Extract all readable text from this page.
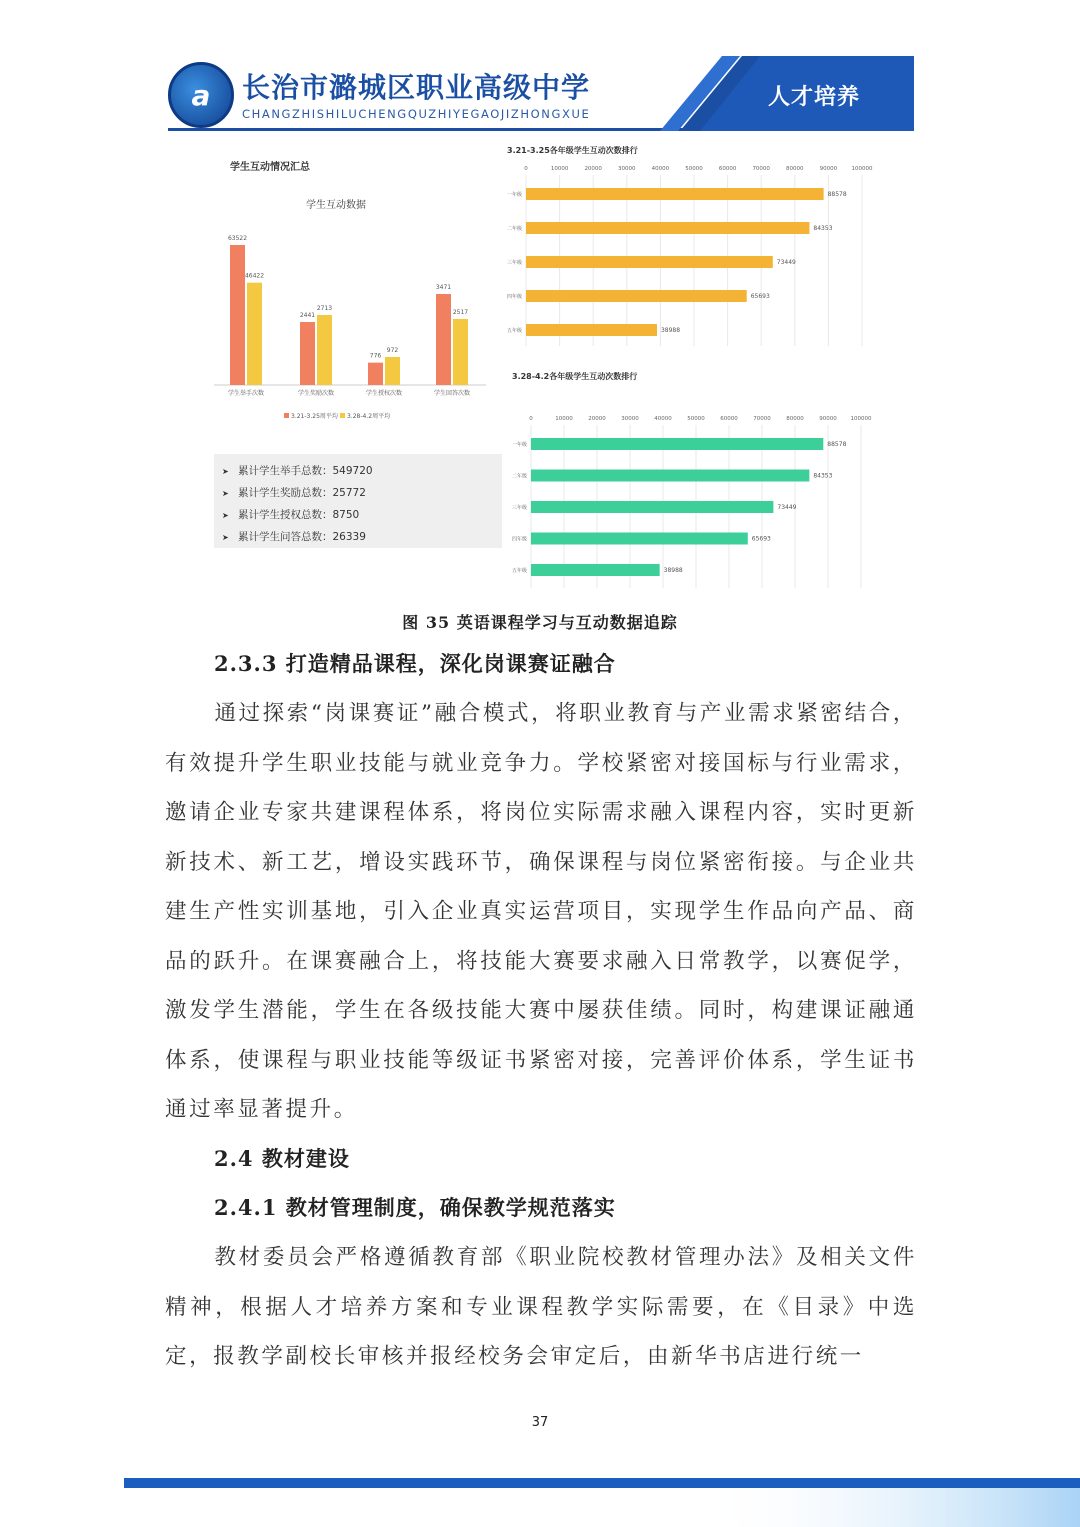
a 长治市潞城区职业高级中学
CHANGZHISHILUCHENGQUZHIYEGAOJIZHONGXUE
人才培养
学生互动情况汇总
学生互动数据
63522
46422
学生举手次数
2441
2713
学生奖励次数
776
972
学生授权次数
3471
2517
学生回答次数
3.21-3.25周平均 3.28-4.2周平均
➤ 累计学生举手总数：549720
➤ 累计学生奖励总数：25772
➤ 累计学生授权总数：8750
➤ 累计学生问答总数：26339
3.21-3.25各年级学生互动次数排行
0	10000	20000	30000	40000	50000	60000	70000	80000	90000	100000
一年级	88578
二年级	84353
三年级	73449
四年级	65693
五年级	38988
3.28-4.2各年级学生互动次数排行
0	10000	20000	30000	40000	50000	60000	70000	80000	90000	100000
一年级	88578
二年级	84353
三年级	73449
四年级	65693
五年级	38988
图 35 英语课程学习与互动数据追踪
2.3.3 打造精品课程，深化岗课赛证融合
通过探索“岗课赛证”融合模式，将职业教育与产业需求紧密结合，有效提升学生职业技能与就业竞争力。学校紧密对接国标与行业需求，邀请企业专家共建课程体系，将岗位实际需求融入课程内容，实时更新新技术、新工艺，增设实践环节，确保课程与岗位紧密衔接。与企业共建生产性实训基地，引入企业真实运营项目，实现学生作品向产品、商品的跃升。在课赛融合上，将技能大赛要求融入日常教学，以赛促学，激发学生潜能，学生在各级技能大赛中屡获佳绩。同时，构建课证融通体系，使课程与职业技能等级证书紧密对接，完善评价体系，学生证书通过率显著提升。
2.4 教材建设
2.4.1 教材管理制度，确保教学规范落实
教材委员会严格遵循教育部《职业院校教材管理办法》及相关文件精神，根据人才培养方案和专业课程教学实际需要，在《目录》中选定，报教学副校长审核并报经校务会审定后，由新华书店进行统一
37
